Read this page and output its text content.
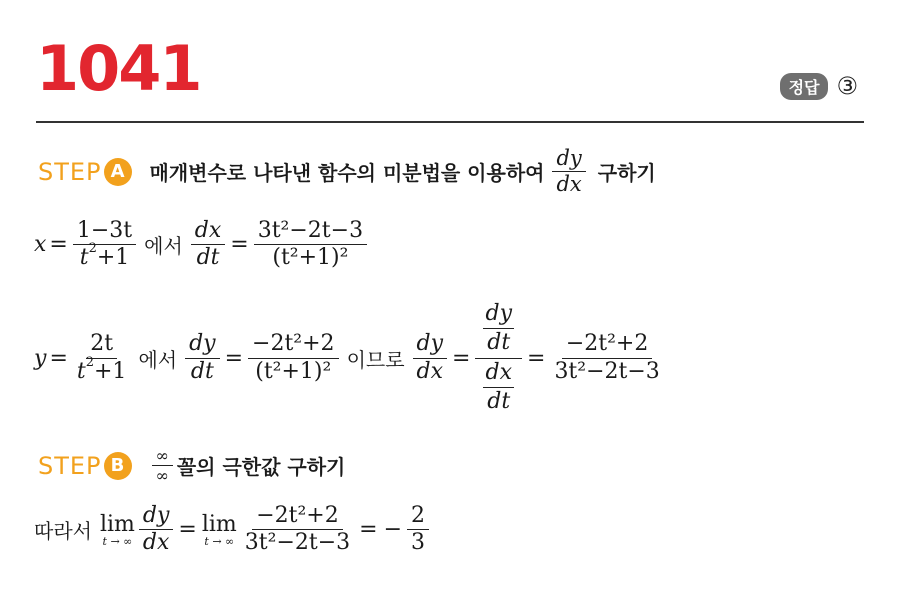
1041	정답 ③
STEP A	매개변수로 나타낸 함수의 미분법을 이용하여 $\frac{dy}{dx}$ 구하기
$x = \frac{1-3t}{t^2+1}$ 에서 $\frac{dx}{dt} = \frac{\text{3t²−2t−3}}{\text{(t²+1)²}}$
$y = \frac{2t}{t^2+1}$ 에서 $\frac{dy}{dt} = \frac{\text{−2t²+2}}{\text{(t²+1)²}}$ 이므로 $\frac{dy}{dx} = \frac{\frac{dy}{dt}}{\frac{dx}{dt}} = \frac{\text{−2t²+2}}{\text{3t²−2t−3}}$
STEP B	$\frac{\infty}{\infty}$ 꼴의 극한값 구하기
따라서 lim
t → ∞ $\frac{dy}{dx} = \lim$
t → ∞ $\frac{\text{−2t²+2}}{\text{3t²−2t−3}}$ = − $\frac{2}{3}$
